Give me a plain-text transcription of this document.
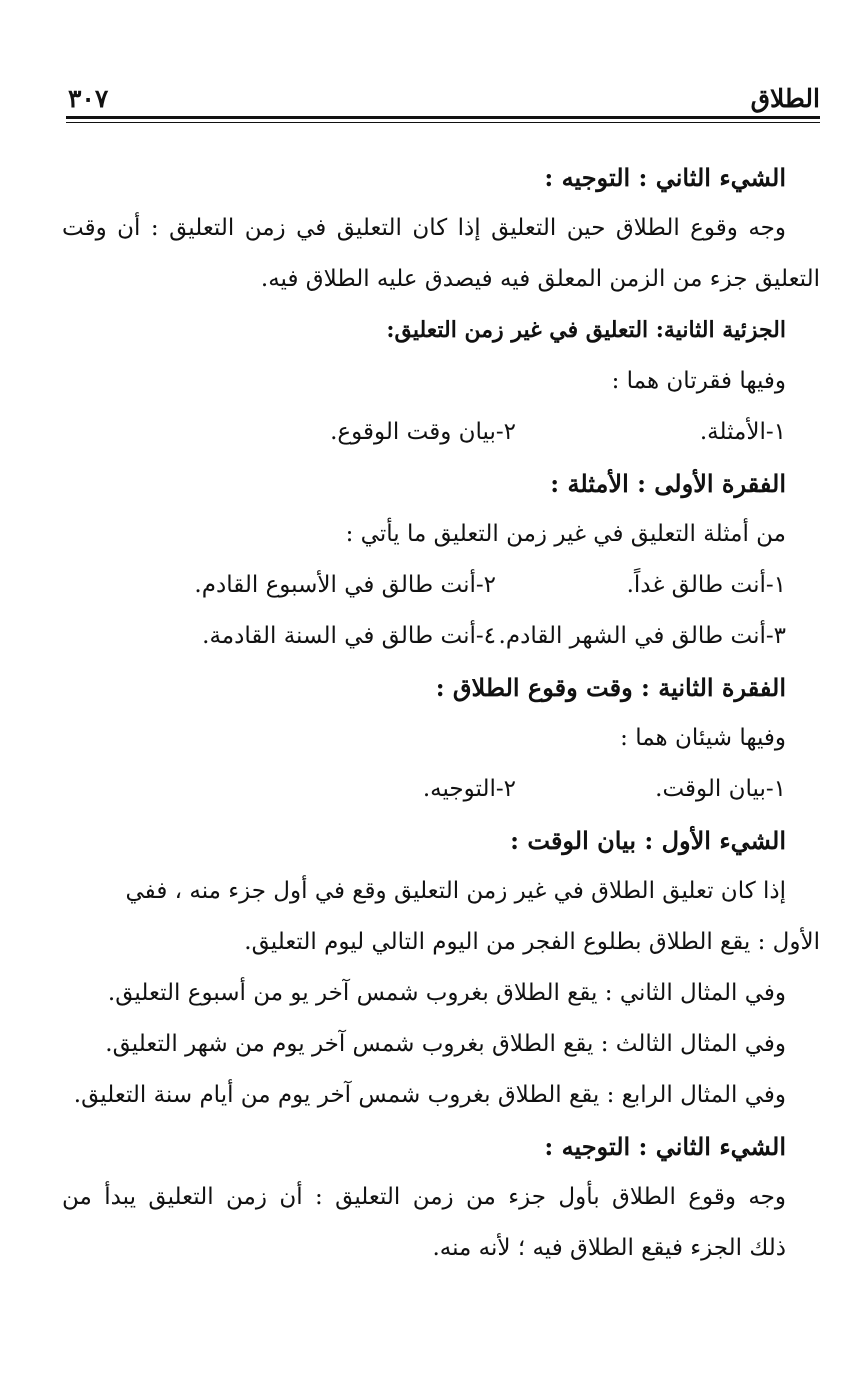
الطلاق
٣٠٧
الشيء الثاني : التوجيه :
وجه وقوع الطلاق حين التعليق إذا كان التعليق في زمن التعليق : أن وقت
التعليق جزء من الزمن المعلق فيه فيصدق عليه الطلاق فيه.
الجزئية الثانية: التعليق في غير زمن التعليق:
وفيها فقرتان هما :
١-الأمثلة.
٢-بيان وقت الوقوع.
الفقرة الأولى : الأمثلة :
من أمثلة التعليق في غير زمن التعليق ما يأتي :
١-أنت طالق غداً.
٢-أنت طالق في الأسبوع القادم.
٣-أنت طالق في الشهر القادم.
٤-أنت طالق في السنة القادمة.
الفقرة الثانية : وقت وقوع الطلاق :
وفيها شيئان هما :
١-بيان الوقت.
٢-التوجيه.
الشيء الأول : بيان الوقت :
إذا كان تعليق الطلاق في غير زمن التعليق وقع في أول جزء منه ، ففي
الأول : يقع الطلاق بطلوع الفجر من اليوم التالي ليوم التعليق.
وفي المثال الثاني : يقع الطلاق بغروب شمس آخر يو من أسبوع التعليق.
وفي المثال الثالث : يقع الطلاق بغروب شمس آخر يوم من شهر التعليق.
وفي المثال الرابع : يقع الطلاق بغروب شمس آخر يوم من أيام سنة التعليق.
الشيء الثاني : التوجيه :
وجه وقوع الطلاق بأول جزء من زمن التعليق : أن زمن التعليق يبدأ من
ذلك الجزء فيقع الطلاق فيه ؛ لأنه منه.
